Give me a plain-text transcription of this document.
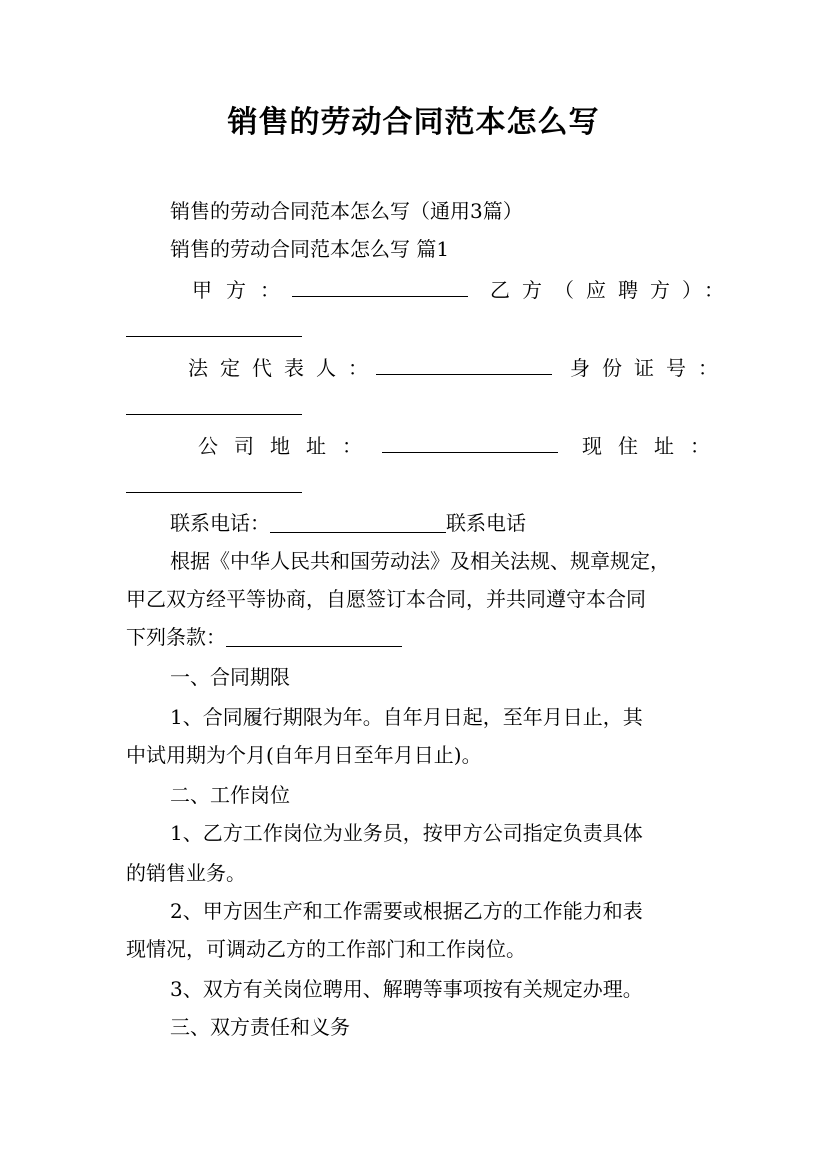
销售的劳动合同范本怎么写
销售的劳动合同范本怎么写（通用3篇）
销售的劳动合同范本怎么写 篇1
甲方：	乙方（应聘方）：
法定代表人：	身份证号：
公司地址：	现住址：
联系电话：	联系电话
根据《中华人民共和国劳动法》及相关法规、规章规定，
甲乙双方经平等协商，自愿签订本合同，并共同遵守本合同
下列条款：
一、合同期限
1、合同履行期限为年。自年月日起，至年月日止，其
中试用期为个月(自年月日至年月日止)。
二、工作岗位
1、乙方工作岗位为业务员，按甲方公司指定负责具体
的销售业务。
2、甲方因生产和工作需要或根据乙方的工作能力和表
现情况，可调动乙方的工作部门和工作岗位。
3、双方有关岗位聘用、解聘等事项按有关规定办理。
三、双方责任和义务
